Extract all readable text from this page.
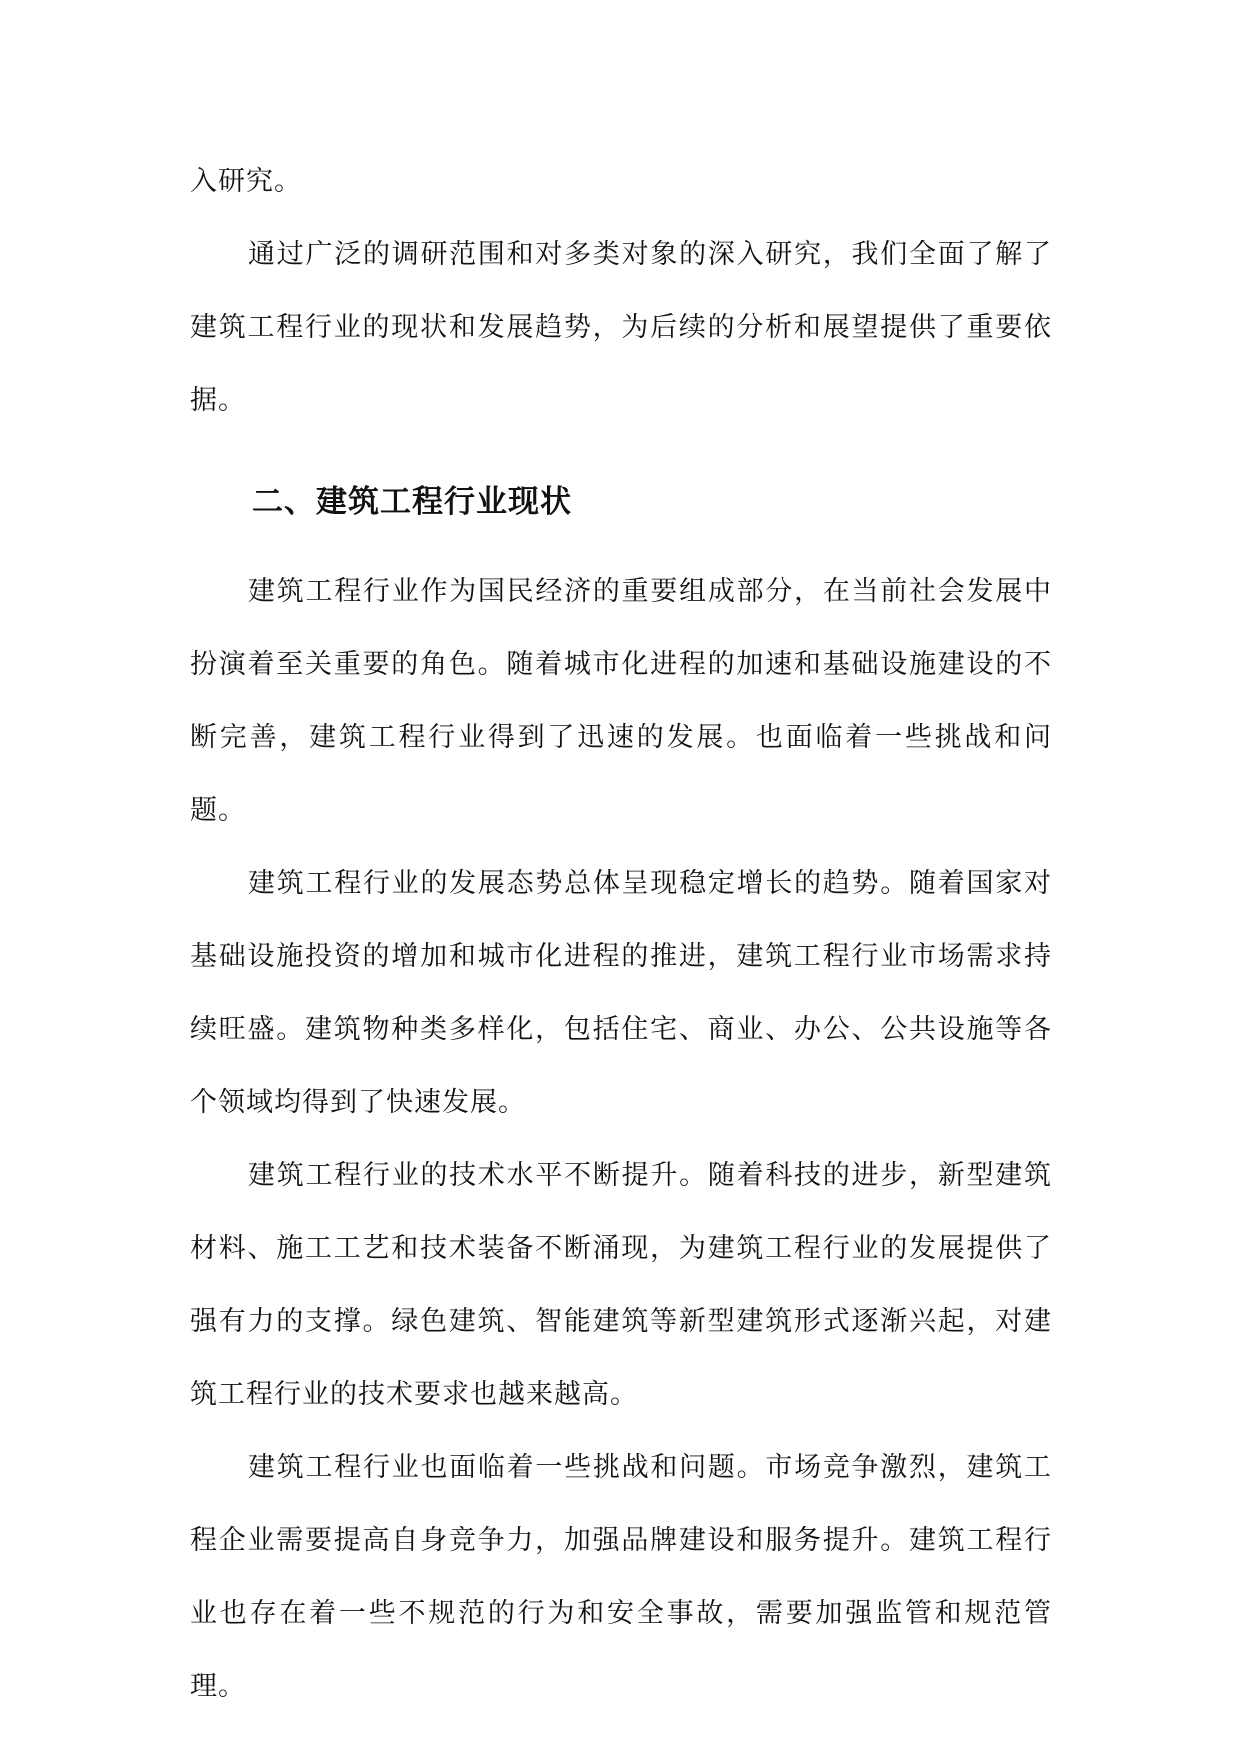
入研究。

通过广泛的调研范围和对多类对象的深入研究，我们全面了解了建筑工程行业的现状和发展趋势，为后续的分析和展望提供了重要依据。

二、建筑工程行业现状

建筑工程行业作为国民经济的重要组成部分，在当前社会发展中扮演着至关重要的角色。随着城市化进程的加速和基础设施建设的不断完善，建筑工程行业得到了迅速的发展。也面临着一些挑战和问题。

建筑工程行业的发展态势总体呈现稳定增长的趋势。随着国家对基础设施投资的增加和城市化进程的推进，建筑工程行业市场需求持续旺盛。建筑物种类多样化，包括住宅、商业、办公、公共设施等各个领域均得到了快速发展。

建筑工程行业的技术水平不断提升。随着科技的进步，新型建筑材料、施工工艺和技术装备不断涌现，为建筑工程行业的发展提供了强有力的支撑。绿色建筑、智能建筑等新型建筑形式逐渐兴起，对建筑工程行业的技术要求也越来越高。

建筑工程行业也面临着一些挑战和问题。市场竞争激烈，建筑工程企业需要提高自身竞争力，加强品牌建设和服务提升。建筑工程行业也存在着一些不规范的行为和安全事故，需要加强监管和规范管理。
